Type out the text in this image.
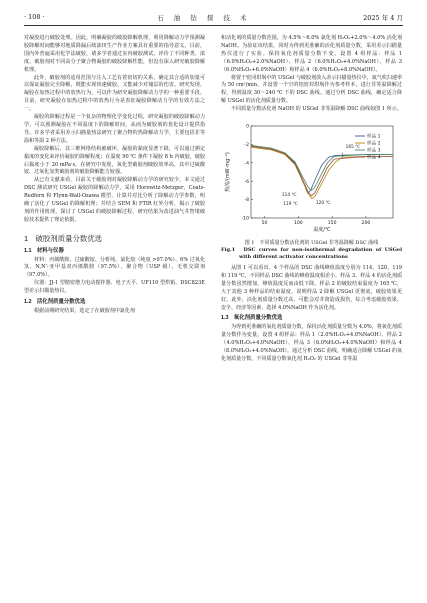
· 108 ·	石 油 钻 探 技 术	2025 年 4 月

对凝胶进行破胶处理。因此，明确凝胶的破胶降解机理，利用降解动力学预测凝胶降解时间能够对地质降漏后续油田生产作业方案具有重要的指导意义。目前，国内外普遍采用化学法破胶，诸多学者通过室内破胶测试，评价了不同种类、浓度、破胶剂对不同高分子聚合物凝胶的破胶降解性能，但没有深入研究破胶降解机理。

此外，破胶剂的适用范围与注入工艺有着密切的关系，确定其合适的加量可以保证凝胶完全降解，既能实现快速破胶，又能减少对储层的伤害。研究发现，凝胶在加热过程中的放热行为，可以作为研究凝胶降解动力学的一种重要手段。目前，研究凝胶在加热过程中的放热行为是表征凝胶降解动力学的有效方法之一。

凝胶的降解过程是一个复杂的物理化学变化过程，研究凝胶的破胶降解动力学，可以预测凝胶在不同温度下的降解时间，从而为破胶剂的优化设计提供指导。许多学者采用差示扫描量热法研究了聚合物的热降解动力学，主要包括非等温和等温 2 种方法。

凝胶降解后，其三维网络结构被破坏，凝胶的黏度显著下降，可以通过测定黏度的变化来评价凝胶的降解程度；在温度 90 ℃ 条件下凝胶 8 h 内破胶，破胶后黏度小于 20 mPa·s。在研究中发现，氧化型破胶剂破胶效率高，其中过硫酸铵、过氧化氢类破胶剂的破胶降解能力较强。

从已有文献来看，目前关于破胶剂对凝胶降解动力学的研究较少，本文通过 DSC 测试研究 USGel 凝胶的降解动力学，采用 Horowitz-Metzger、Coats-Redfern 和 Flynn-Wall-Ozawa 模型，计算并对比分析了降解动力学参数，明确了活化了 USGel 的降解机理；并结合 SEM 和 FTIR 红外分析，揭示了破胶剂的作用机理，探讨了 USGel 的破胶降解过程，研究结果为改进油气井智堵破胶技术提供了理论依据。

1　破胶剂质量分数优选
1.1　材料与仪器

材料：丙烯酰胺、过硫酸铵、分析纯、氯化胶（纯度 >97.0%）、6% 过氧化氢、N,N'-亚甲基双丙烯酰胺（97.5%）、聚合物（USP 级），无机交联剂（97.0%）。

仪器：JJ-1 型精密增力电动搅拌器、电子天平、UF110 型烘箱、DSC823E 型差示扫描量热仪。

1.2　活化剂质量分数优选

根据前期研究结果，选定了在破胶剂中氯化剂

和活化剂的质量分数范围，为 4.5%～6.0% 氯化剂 H₂O₂+2.0%～4.0% 活化剂 NaOH。为验证该结果，同时为得到更准确的活化剂质量分数，采用差示扫描量热仪进行了实验。保持氧化剂质量分数不变，设置 4 组样品：样品 1（6.0%H₂O₂+2.0%NaOH）、样品 2（6.0%H₂O₂+4.0%NaOH）、样品 3（6.0%H₂O₂+6.0%NaOH）和样品 4（6.0%H₂O₂+8.0%NaOH）。

将置于密闭坩埚中的 USGel 与破胶剂放入差示扫描量热仪中，氮气吹扫速率为 50 cm³/min，并设置一个空的铝密封坩埚作为参考样本，进行非等温降解过程，得到温度 30～240 ℃ 下的 DSC 曲线。通过分析 DSC 曲线，确定适合降解 USGel 的活化剂质量分数。

不同质量分数活化剂 NaOH 的 USGel 非等温降解 DSC 曲线如图 1 所示。

50	100	150	200
-10
-8
-6
-4
-2
0
温度/℃
热流/(mW·mg⁻¹)
样品 1
样品 2
样品 3
样品 4
114 ℃
119 ℃	120 ℃
165 ℃

图 1　不同质量分数活化剂的 USGel 非等温降解 DSC 曲线

Fig.1　DSC curves for non-isothermal degradation of USGel with different activator concentrations

从图 1 可以看出，4 个样品的 DSC 曲线峰值温度分别为 114，120，119 和 119 ℃，不同样品 DSC 曲线的峰值温度相差小，样品 3、样品 4 的活化剂质量分数虽然增加，峰值温度反而由低下降。样品 2 的破胶结束温度为 165 ℃，大于其他 3 种样品的结束温度，说明样品 2 降解 USGel 更彻底，破胶效果更好。此外，活化剂质量分数过高，可能会对井筒造成损伤，综合考虑破胶效果、安全、经济等因素，选择 4.0%NaOH 作为活化剂。

1.3　氧化剂质量分数优选

为得到更准确的氧化剂质量分数，保持活化剂质量分数为 4.0%，将氧化剂质量分数作为变量，设置 4 组样品：样品 1（2.0%H₂O₂+4.0%NaOH）、样品 2（4.0%H₂O₂+4.0%NaOH）、样品 3（6.0%H₂O₂+4.0%NaOH）和样品 4（8.0%H₂O₂+4.0%NaOH）。通过分析 DSC 曲线，明确适合降解 USGel 的氧化剂质量分数。不同质量分数氧化剂 H₂O₂ 的 USGel 非等温
